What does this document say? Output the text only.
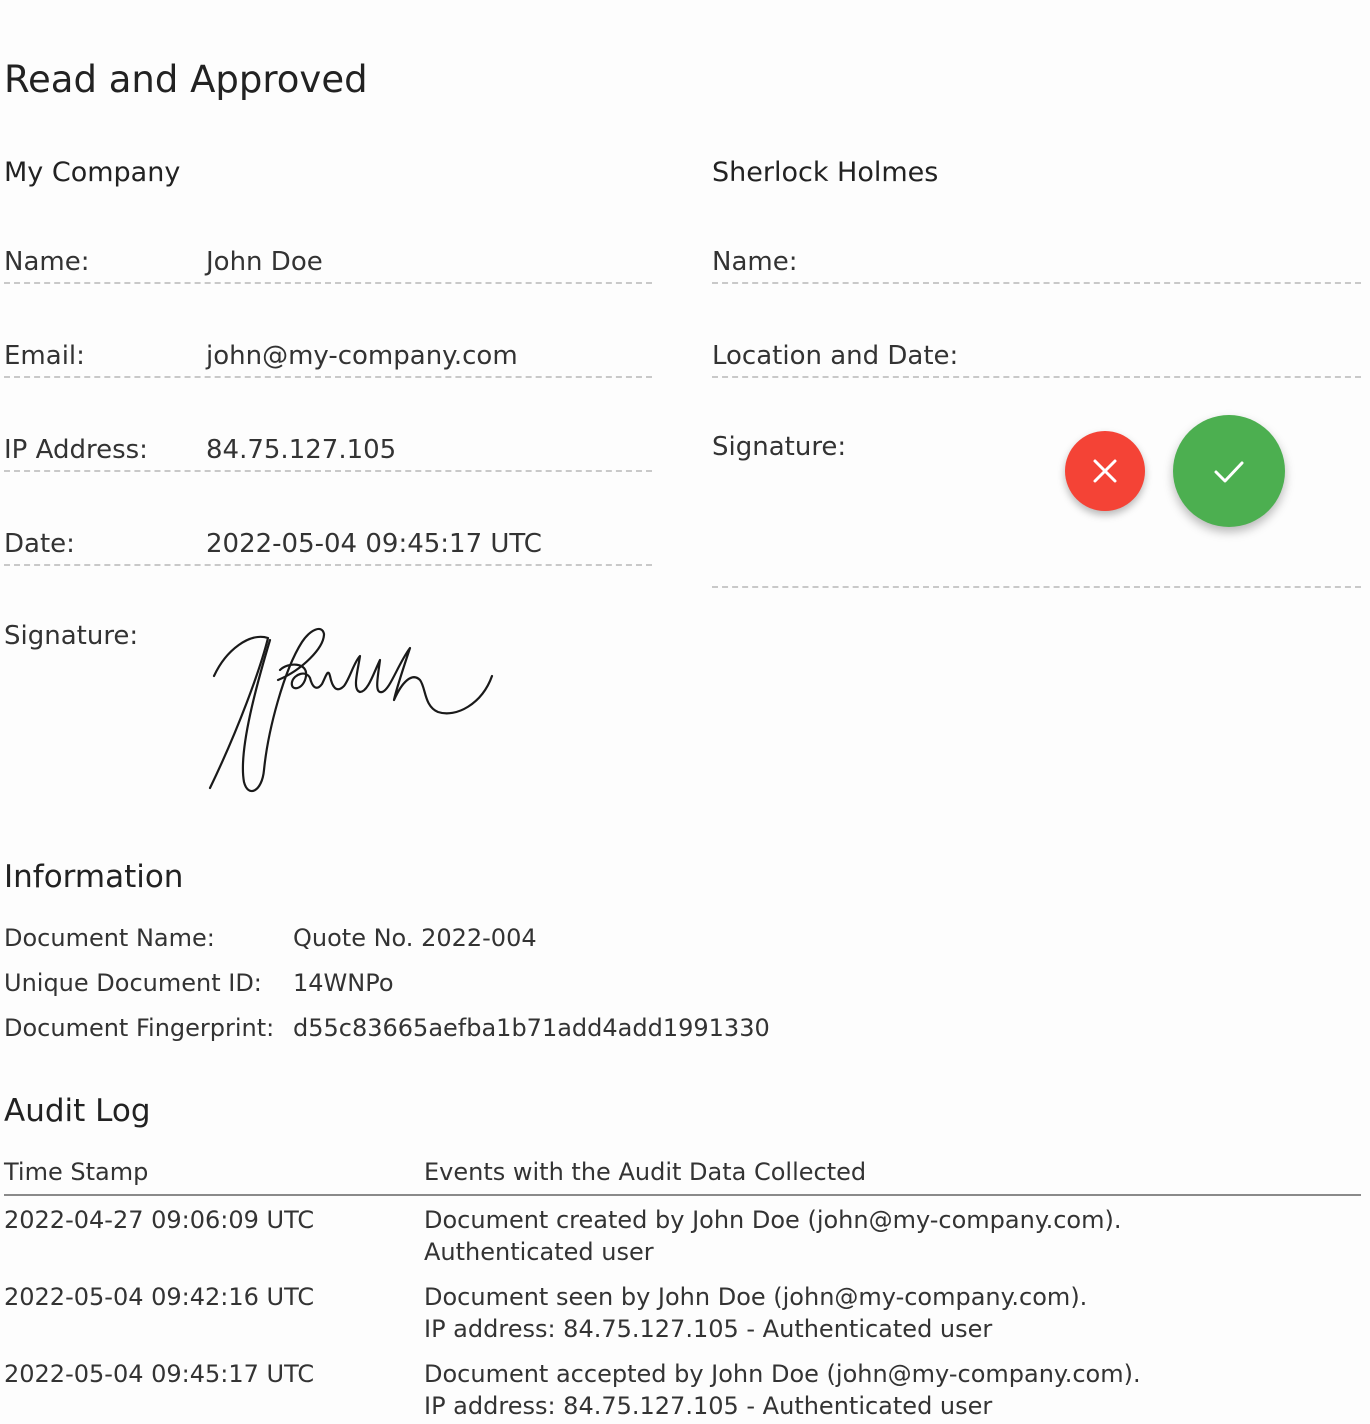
Read and Approved
My Company
Name:	John Doe
Email:	john@my-company.com
IP Address: 84.75.127.105
Date:	2022-05-04 09:45:17 UTC
Signature:
Sherlock Holmes
Name:
Location and Date:
Signature:
Information
Document Name:	Quote No. 2022-004
Unique Document ID: 14WNPo
Document Fingerprint: d55c83665aefba1b71add4add1991330
Audit Log
Time Stamp	Events with the Audit Data Collected
2022-04-27 09:06:09 UTC	Document created by John Doe (john@my-company.com).
Authenticated user
2022-05-04 09:42:16 UTC	Document seen by John Doe (john@my-company.com).
IP address: 84.75.127.105 - Authenticated user
2022-05-04 09:45:17 UTC	Document accepted by John Doe (john@my-company.com).
IP address: 84.75.127.105 - Authenticated user
